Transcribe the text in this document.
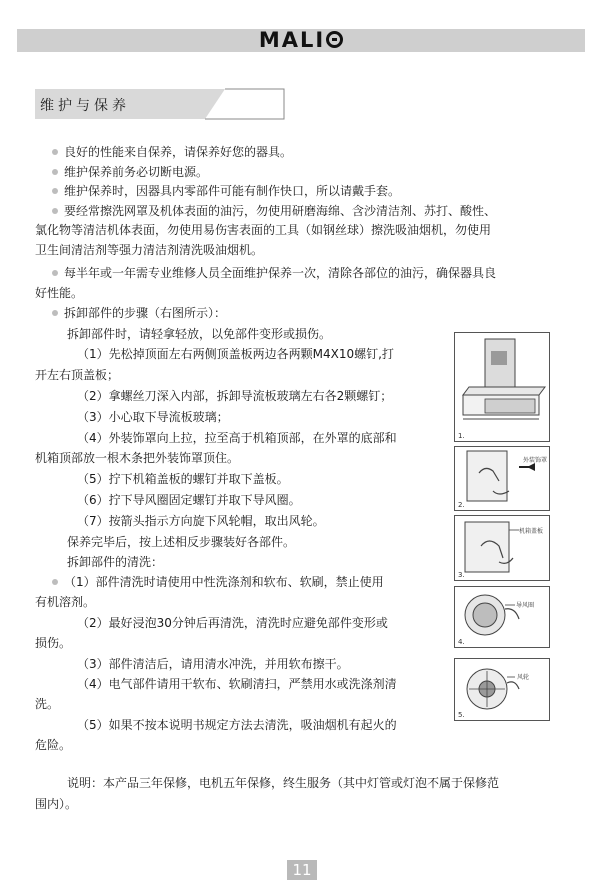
MALI
维护与保养
良好的性能来自保养，请保养好您的器具。
维护保养前务必切断电源。
维护保养时，因器具内零部件可能有制作快口，所以请戴手套。
要经常擦洗网罩及机体表面的油污，勿使用研磨海绵、含沙清洁剂、苏打、酸性、
氯化物等清洁机体表面，勿使用易伤害表面的工具（如钢丝球）擦洗吸油烟机，勿使用
卫生间清洁剂等强力清洁剂清洗吸油烟机。
每半年或一年需专业维修人员全面维护保养一次，清除各部位的油污，确保器具良
好性能。
拆卸部件的步骤（右图所示）：
拆卸部件时，请轻拿轻放，以免部件变形或损伤。
（1）先松掉顶面左右两侧顶盖板两边各两颗M4X10螺钉,打
开左右顶盖板；
（2）拿螺丝刀深入内部，拆卸导流板玻璃左右各2颗螺钉；
（3）小心取下导流板玻璃；
（4）外装饰罩向上拉，拉至高于机箱顶部，在外罩的底部和
机箱顶部放一根木条把外装饰罩顶住。
（5）拧下机箱盖板的螺钉并取下盖板。
（6）拧下导风圈固定螺钉并取下导风圈。
（7）按箭头指示方向旋下风轮帽，取出风轮。
保养完毕后，按上述相反步骤装好各部件。
拆卸部件的清洗：
（1）部件清洗时请使用中性洗涤剂和软布、软刷，禁止使用
有机溶剂。
（2）最好浸泡30分钟后再清洗，清洗时应避免部件变形或
损伤。
（3）部件清洁后，请用清水冲洗，并用软布擦干。
（4）电气部件请用干软布、软刷清扫，严禁用水或洗涤剂清
洗。
（5）如果不按本说明书规定方法去清洗，吸油烟机有起火的
危险。
说明：本产品三年保修，电机五年保修，终生服务（其中灯管或灯泡不属于保修范
围内）。
1.
外装饰罩
2.
机箱盖板
3.
导风圈
4.
风轮
5.
11
